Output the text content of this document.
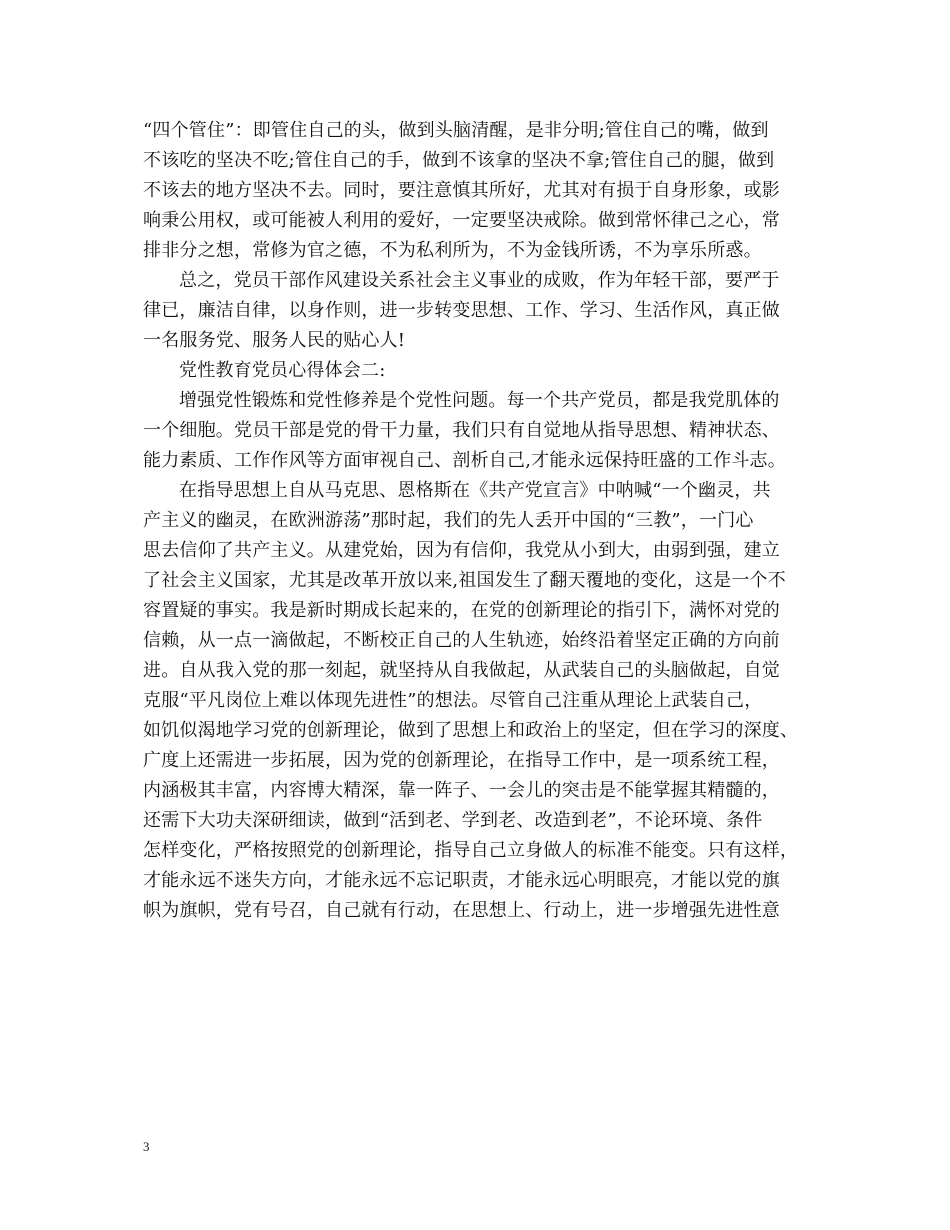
“四个管住”：即管住自己的头，做到头脑清醒，是非分明;管住自己的嘴，做到
不该吃的坚决不吃;管住自己的手，做到不该拿的坚决不拿;管住自己的腿，做到
不该去的地方坚决不去。同时，要注意慎其所好，尤其对有损于自身形象，或影
响秉公用权，或可能被人利用的爱好，一定要坚决戒除。做到常怀律己之心，常
排非分之想，常修为官之德，不为私利所为，不为金钱所诱，不为享乐所惑。
总之，党员干部作风建设关系社会主义事业的成败，作为年轻干部，要严于
律已，廉洁自律，以身作则，进一步转变思想、工作、学习、生活作风，真正做
一名服务党、服务人民的贴心人!
党性教育党员心得体会二:
增强党性锻炼和党性修养是个党性问题。每一个共产党员，都是我党肌体的
一个细胞。党员干部是党的骨干力量，我们只有自觉地从指导思想、精神状态、
能力素质、工作作风等方面审视自己、剖析自己,才能永远保持旺盛的工作斗志。
在指导思想上自从马克思、恩格斯在《共产党宣言》中呐喊“一个幽灵，共
产主义的幽灵，在欧洲游荡”那时起，我们的先人丢开中国的“三教”，一门心
思去信仰了共产主义。从建党始，因为有信仰，我党从小到大，由弱到强，建立
了社会主义国家，尤其是改革开放以来,祖国发生了翻天覆地的变化，这是一个不
容置疑的事实。我是新时期成长起来的，在党的创新理论的指引下，满怀对党的
信赖，从一点一滴做起，不断校正自己的人生轨迹，始终沿着坚定正确的方向前
进。自从我入党的那一刻起，就坚持从自我做起，从武装自己的头脑做起，自觉
克服“平凡岗位上难以体现先进性”的想法。尽管自己注重从理论上武装自己，
如饥似渴地学习党的创新理论，做到了思想上和政治上的坚定，但在学习的深度、
广度上还需进一步拓展，因为党的创新理论，在指导工作中，是一项系统工程，
内涵极其丰富，内容博大精深，靠一阵子、一会儿的突击是不能掌握其精髓的，
还需下大功夫深研细读，做到“活到老、学到老、改造到老”，不论环境、条件
怎样变化，严格按照党的创新理论，指导自己立身做人的标准不能变。只有这样，
才能永远不迷失方向，才能永远不忘记职责，才能永远心明眼亮，才能以党的旗
帜为旗帜，党有号召，自己就有行动，在思想上、行动上，进一步增强先进性意
3
